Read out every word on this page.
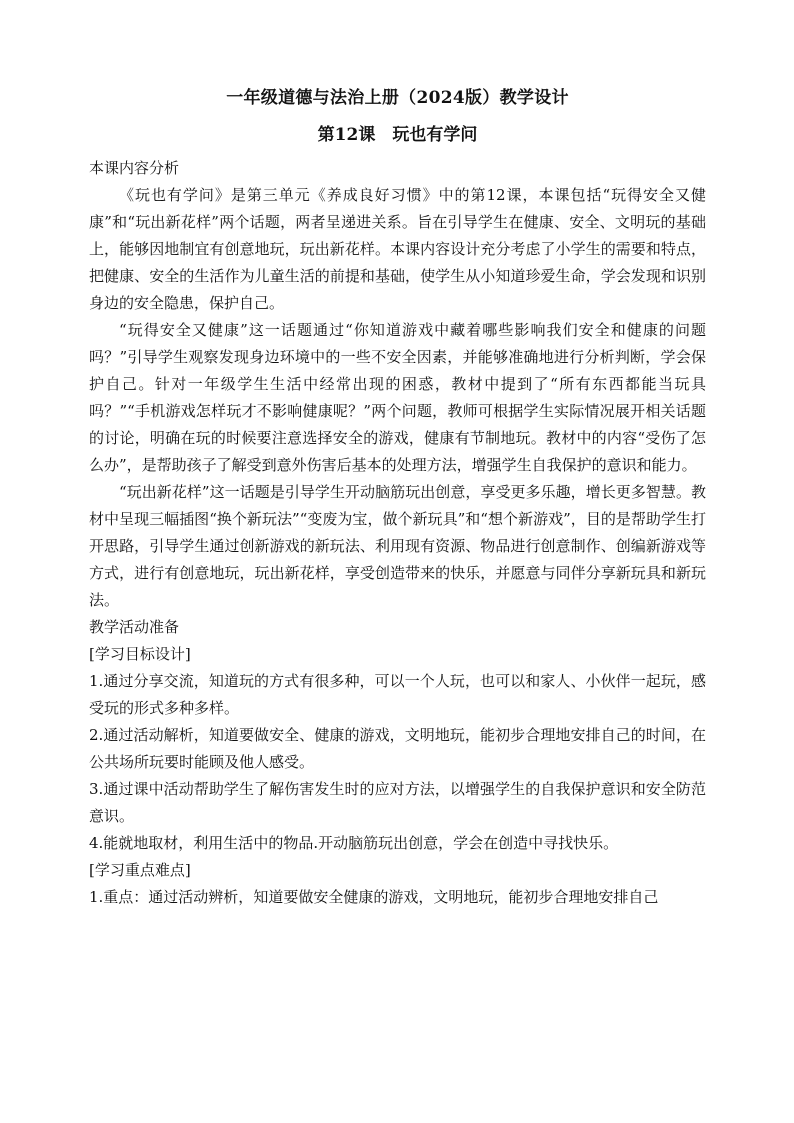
一年级道德与法治上册（2024版）教学设计
第12课　玩也有学问
本课内容分析

《玩也有学问》是第三单元《养成良好习惯》中的第12课，本课包括“玩得安全又健康”和“玩出新花样”两个话题，两者呈递进关系。旨在引导学生在健康、安全、文明玩的基础上，能够因地制宜有创意地玩，玩出新花样。本课内容设计充分考虑了小学生的需要和特点，把健康、安全的生活作为儿童生活的前提和基础，使学生从小知道珍爱生命，学会发现和识别身边的安全隐患，保护自己。

“玩得安全又健康”这一话题通过“你知道游戏中藏着哪些影响我们安全和健康的问题吗？”引导学生观察发现身边环境中的一些不安全因素，并能够准确地进行分析判断，学会保护自己。针对一年级学生生活中经常出现的困惑，教材中提到了“所有东西都能当玩具吗？”“手机游戏怎样玩才不影响健康呢？”两个问题，教师可根据学生实际情况展开相关话题的讨论，明确在玩的时候要注意选择安全的游戏，健康有节制地玩。教材中的内容“受伤了怎么办”，是帮助孩子了解受到意外伤害后基本的处理方法，增强学生自我保护的意识和能力。

“玩出新花样”这一话题是引导学生开动脑筋玩出创意，享受更多乐趣，增长更多智慧。教材中呈现三幅插图“换个新玩法”“变废为宝，做个新玩具”和“想个新游戏”，目的是帮助学生打开思路，引导学生通过创新游戏的新玩法、利用现有资源、物品进行创意制作、创编新游戏等方式，进行有创意地玩，玩出新花样，享受创造带来的快乐，并愿意与同伴分享新玩具和新玩法。

教学活动准备
[学习目标设计]

1.通过分享交流，知道玩的方式有很多种，可以一个人玩，也可以和家人、小伙伴一起玩，感受玩的形式多种多样。

2.通过活动解析，知道要做安全、健康的游戏，文明地玩，能初步合理地安排自己的时间，在公共场所玩要时能顾及他人感受。

3.通过课中活动帮助学生了解伤害发生时的应对方法，以增强学生的自我保护意识和安全防范意识。

4.能就地取材，利用生活中的物品.开动脑筋玩出创意，学会在创造中寻找快乐。

[学习重点难点]

1.重点：通过活动辨析，知道要做安全健康的游戏，文明地玩，能初步合理地安排自己
